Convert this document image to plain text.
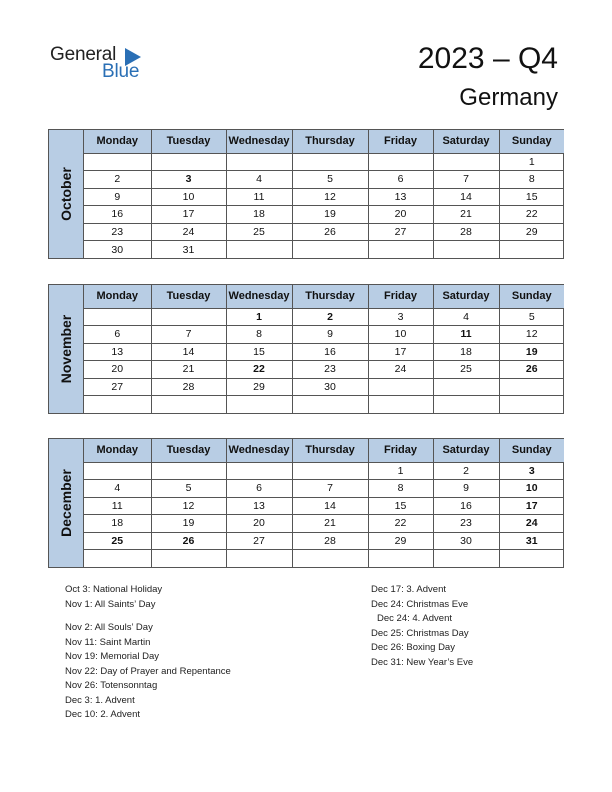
General
Blue	2023 – Q4
Germany
October
Monday	Tuesday	Wednesday	Thursday	Friday	Saturday	Sunday
						1
2	3	4	5	6	7	8
9	10	11	12	13	14	15
16	17	18	19	20	21	22
23	24	25	26	27	28	29
30	31					
November
Monday	Tuesday	Wednesday	Thursday	Friday	Saturday	Sunday
		1	2	3	4	5
6	7	8	9	10	11	12
13	14	15	16	17	18	19
20	21	22	23	24	25	26
27	28	29	30			

December
Monday	Tuesday	Wednesday	Thursday	Friday	Saturday	Sunday
				1	2	3
4	5	6	7	8	9	10
11	12	13	14	15	16	17
18	19	20	21	22	23	24
25	26	27	28	29	30	31

Oct 3: National Holiday
Nov 1: All Saints’ Day
Nov 2: All Souls’ Day
Nov 11: Saint Martin
Nov 19: Memorial Day
Nov 22: Day of Prayer and Repentance
Nov 26: Totensonntag
Dec 3: 1. Advent
Dec 10: 2. Advent
Dec 17: 3. Advent
Dec 24: Christmas Eve
Dec 24: 4. Advent
Dec 25: Christmas Day
Dec 26: Boxing Day
Dec 31: New Year’s Eve
